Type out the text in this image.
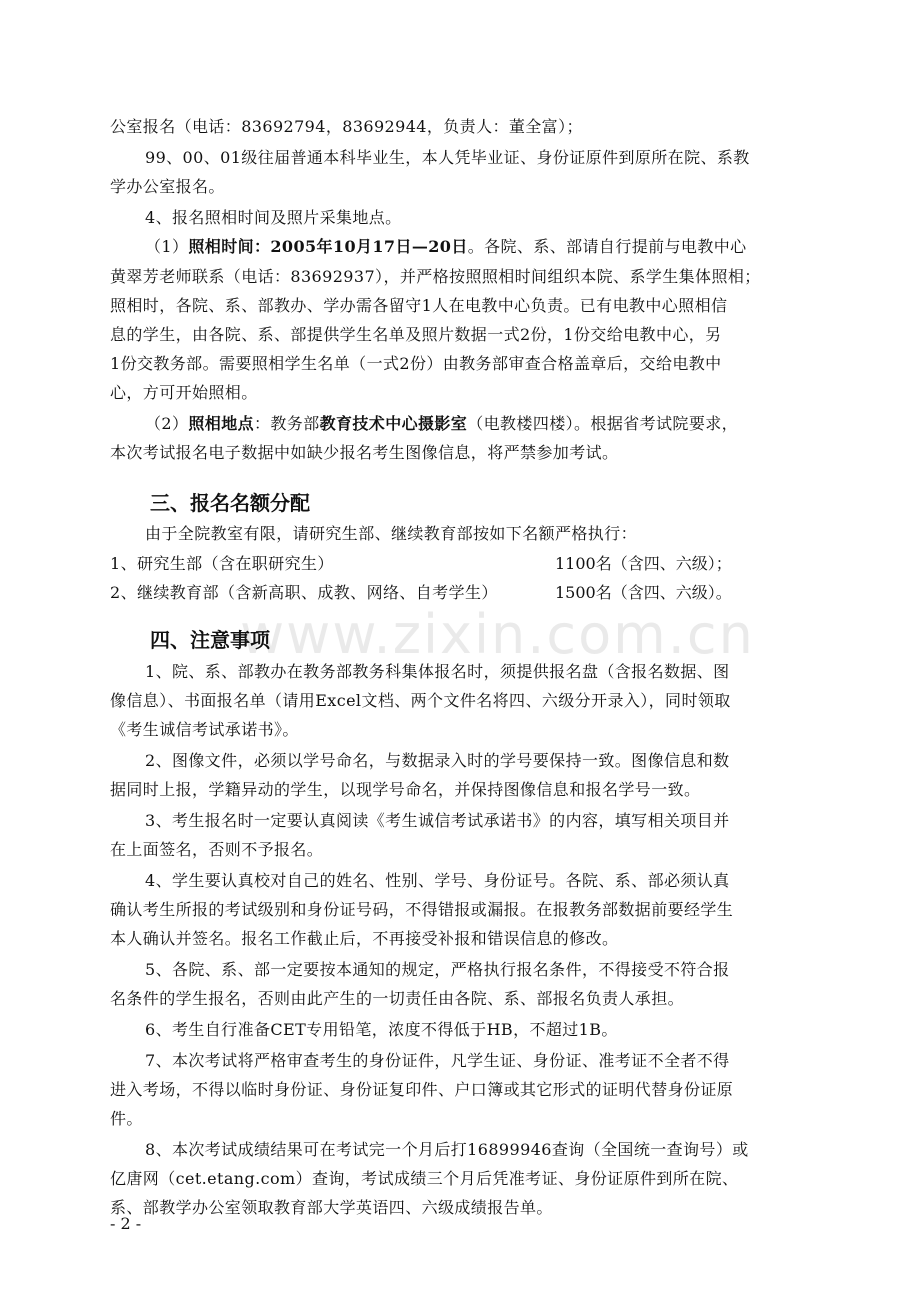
公室报名（电话：83692794，83692944，负责人：董全富）；
99、00、01级往届普通本科毕业生，本人凭毕业证、身份证原件到原所在院、系教
学办公室报名。
4、报名照相时间及照片采集地点。
（1）照相时间：2005年10月17日—20日。各院、系、部请自行提前与电教中心
黄翠芳老师联系（电话：83692937），并严格按照照相时间组织本院、系学生集体照相；
照相时，各院、系、部教办、学办需各留守1人在电教中心负责。已有电教中心照相信
息的学生，由各院、系、部提供学生名单及照片数据一式2份，1份交给电教中心，另
1份交教务部。需要照相学生名单（一式2份）由教务部审查合格盖章后，交给电教中
心，方可开始照相。
（2）照相地点：教务部教育技术中心摄影室（电教楼四楼）。根据省考试院要求，
本次考试报名电子数据中如缺少报名考生图像信息，将严禁参加考试。
三、报名名额分配
由于全院教室有限，请研究生部、继续教育部按如下名额严格执行：
1、研究生部（含在职研究生）	1100名（含四、六级）；
2、继续教育部（含新高职、成教、网络、自考学生）	1500名（含四、六级）。
www.zixin.com.cn
四、注意事项
1、院、系、部教办在教务部教务科集体报名时，须提供报名盘（含报名数据、图
像信息）、书面报名单（请用Excel文档、两个文件名将四、六级分开录入），同时领取
《考生诚信考试承诺书》。
2、图像文件，必须以学号命名，与数据录入时的学号要保持一致。图像信息和数
据同时上报，学籍异动的学生，以现学号命名，并保持图像信息和报名学号一致。
3、考生报名时一定要认真阅读《考生诚信考试承诺书》的内容，填写相关项目并
在上面签名，否则不予报名。
4、学生要认真校对自己的姓名、性别、学号、身份证号。各院、系、部必须认真
确认考生所报的考试级别和身份证号码，不得错报或漏报。在报教务部数据前要经学生
本人确认并签名。报名工作截止后，不再接受补报和错误信息的修改。
5、各院、系、部一定要按本通知的规定，严格执行报名条件，不得接受不符合报
名条件的学生报名，否则由此产生的一切责任由各院、系、部报名负责人承担。
6、考生自行准备CET专用铅笔，浓度不得低于HB，不超过1B。
7、本次考试将严格审查考生的身份证件，凡学生证、身份证、准考证不全者不得
进入考场，不得以临时身份证、身份证复印件、户口簿或其它形式的证明代替身份证原
件。
8、本次考试成绩结果可在考试完一个月后打16899946查询（全国统一查询号）或
亿唐网（cet.etang.com）查询，考试成绩三个月后凭准考证、身份证原件到所在院、
系、部教学办公室领取教育部大学英语四、六级成绩报告单。
- 2 -
